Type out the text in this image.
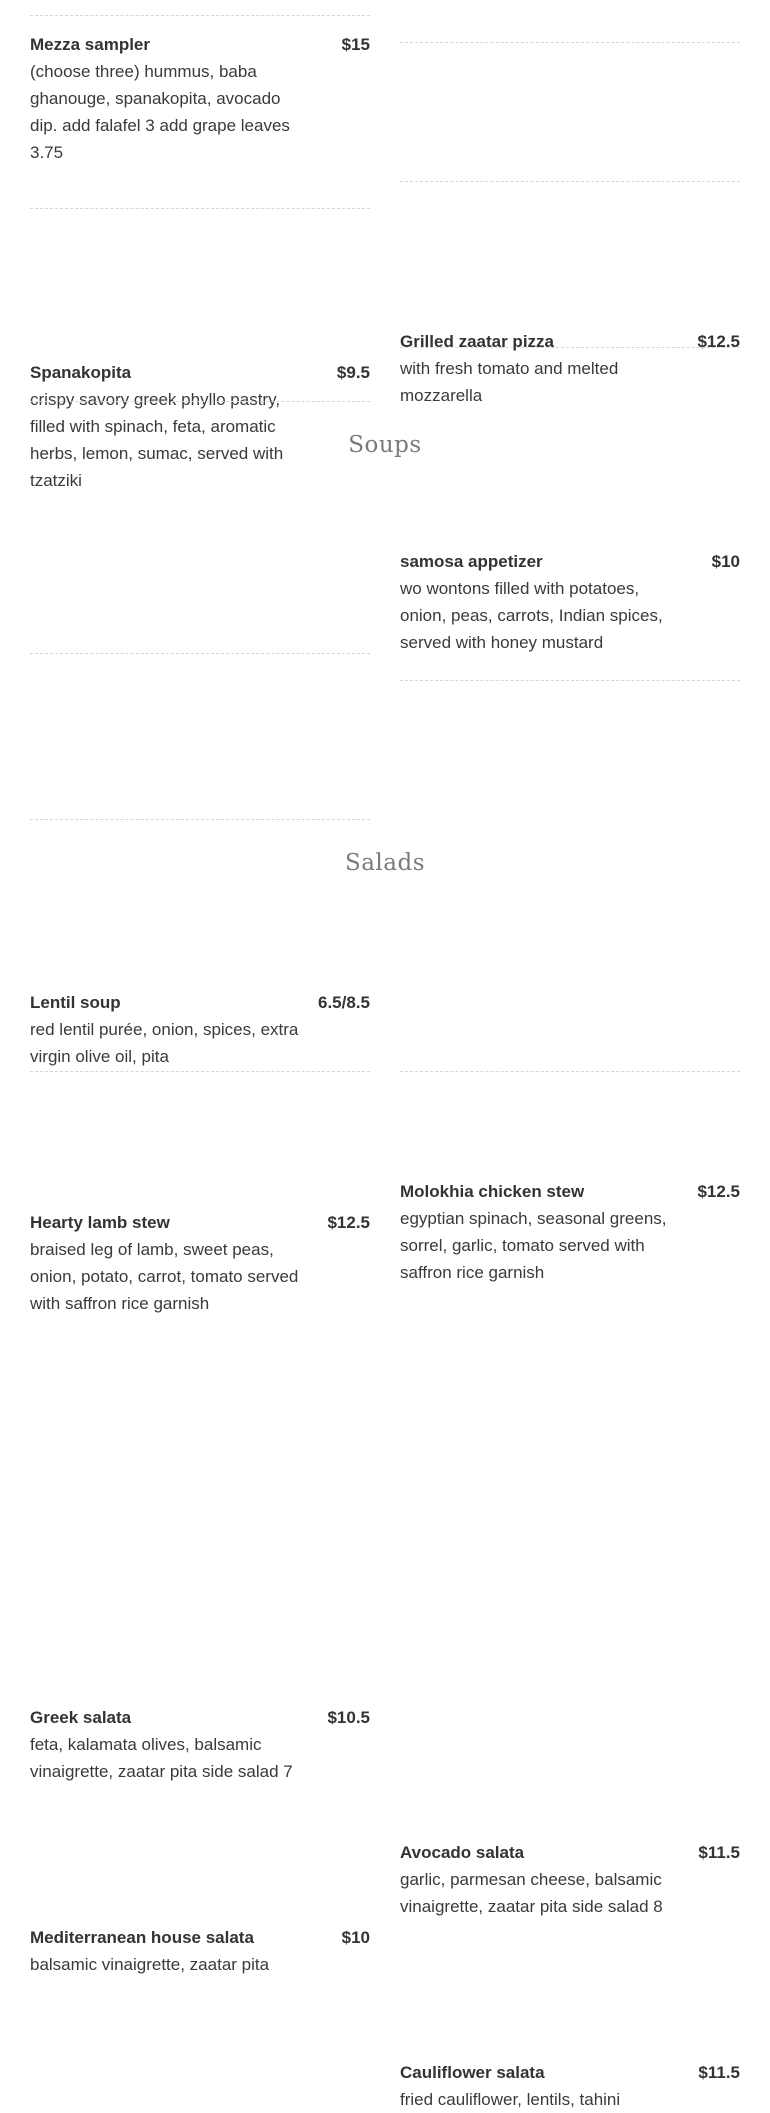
Mezza sampler	$15
(choose three) hummus, baba ghanouge, spanakopita, avocado dip. add falafel 3 add grape leaves 3.75
Spanakopita	$9.5
crispy savory greek phyllo pastry, filled with spinach, feta, aromatic herbs, lemon, sumac, served with tzatziki
Grilled zaatar pizza	$12.5
with fresh tomato and melted mozzarella
samosa appetizer	$10
wo wontons filled with potatoes, onion, peas, carrots, Indian spices, served with honey mustard
Soups
Lentil soup	6.5/8.5
red lentil purée, onion, spices, extra virgin olive oil, pita
Hearty lamb stew	$12.5
braised leg of lamb, sweet peas, onion, potato, carrot, tomato served with saffron rice garnish
Molokhia chicken stew	$12.5
egyptian spinach, seasonal greens, sorrel, garlic, tomato served with saffron rice garnish
Salads
Greek salata	$10.5
feta, kalamata olives, balsamic vinaigrette, zaatar pita side salad 7
Mediterranean house salata	$10
balsamic vinaigrette, zaatar pita
Avocado salata	$11.5
garlic, parmesan cheese, balsamic vinaigrette, zaatar pita side salad 8
Cauliflower salata	$11.5
fried cauliflower, lentils, tahini
